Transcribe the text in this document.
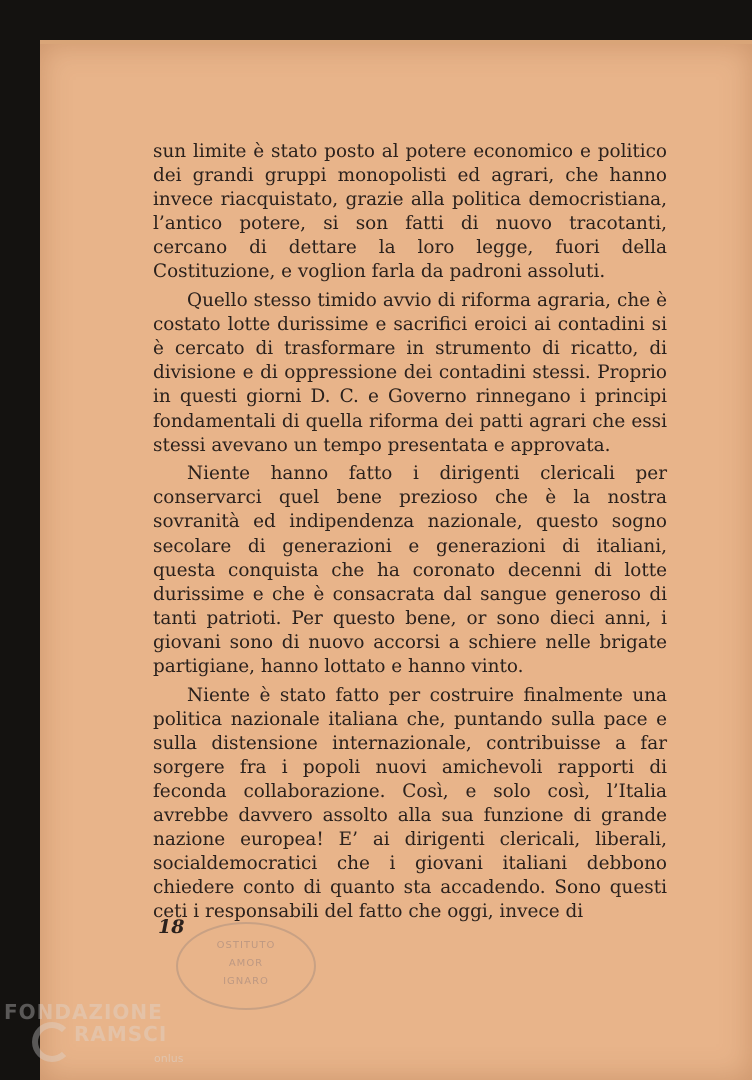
sun limite è stato posto al potere economico e politico dei grandi gruppi monopolisti ed agrari, che hanno invece riacquistato, grazie alla politica democristiana, l’antico potere, si son fatti di nuovo tracotanti, cercano di dettare la loro legge, fuori della Costituzione, e voglion farla da padroni assoluti.

Quello stesso timido avvio di riforma agraria, che è costato lotte durissime e sacrifici eroici ai contadini si è cercato di trasformare in strumento di ricatto, di divisione e di oppressione dei contadini stessi. Proprio in questi giorni D. C. e Governo rinnegano i principi fondamentali di quella riforma dei patti agrari che essi stessi avevano un tempo presentata e approvata.

Niente hanno fatto i dirigenti clericali per conservarci quel bene prezioso che è la nostra sovranità ed indipendenza nazionale, questo sogno secolare di generazioni e generazioni di italiani, questa conquista che ha coronato decenni di lotte durissime e che è consacrata dal sangue generoso di tanti patrioti. Per questo bene, or sono dieci anni, i giovani sono di nuovo accorsi a schiere nelle brigate partigiane, hanno lottato e hanno vinto.

Niente è stato fatto per costruire finalmente una politica nazionale italiana che, puntando sulla pace e sulla distensione internazionale, contribuisse a far sorgere fra i popoli nuovi amichevoli rapporti di feconda collaborazione. Così, e solo così, l’Italia avrebbe davvero assolto alla sua funzione di grande nazione europea! E’ ai dirigenti clericali, liberali, socialdemocratici che i giovani italiani debbono chiedere conto di quanto sta accadendo. Sono questi ceti i responsabili del fatto che oggi, invece di

18
OSTITUTO
AMOR
IGNARO
FONDAZIONE
RAMSCI
onlus
